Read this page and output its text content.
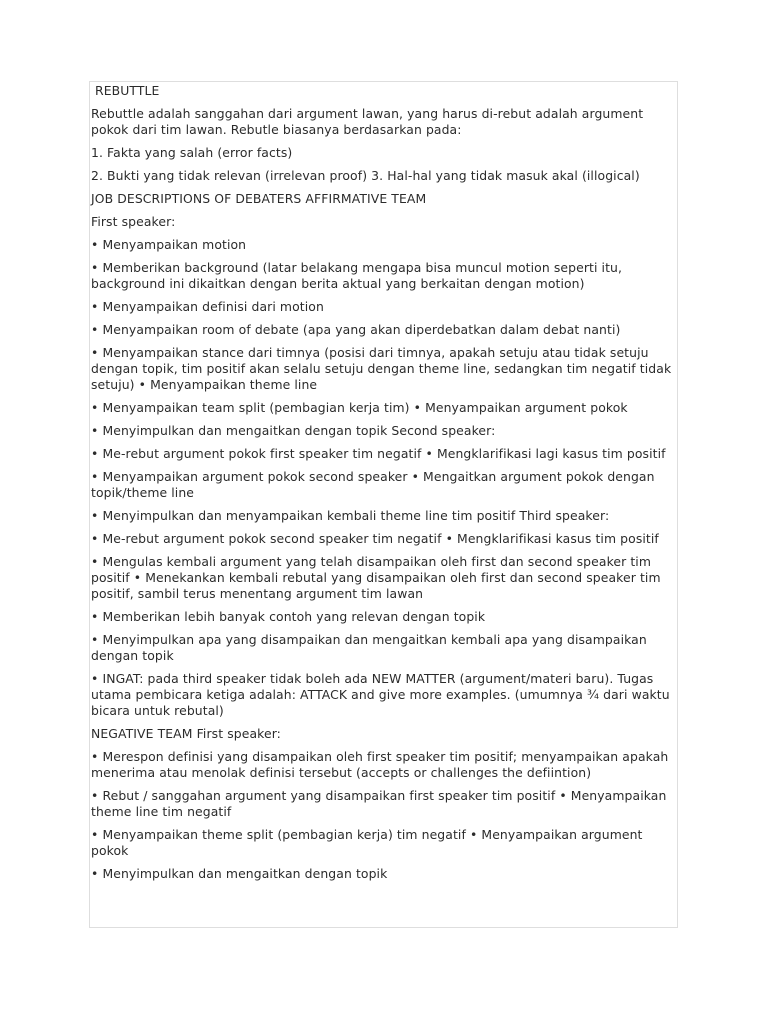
REBUTTLE
Rebuttle adalah sanggahan dari argument lawan, yang harus di-rebut adalah argument pokok dari tim lawan. Rebutle biasanya berdasarkan pada:
1. Fakta yang salah (error facts)
2. Bukti yang tidak relevan (irrelevan proof) 3. Hal-hal yang tidak masuk akal (illogical)
JOB DESCRIPTIONS OF DEBATERS AFFIRMATIVE TEAM
First speaker:
• Menyampaikan motion
• Memberikan background (latar belakang mengapa bisa muncul motion seperti itu, background ini dikaitkan dengan berita aktual yang berkaitan dengan motion)
• Menyampaikan definisi dari motion
• Menyampaikan room of debate (apa yang akan diperdebatkan dalam debat nanti)
• Menyampaikan stance dari timnya (posisi dari timnya, apakah setuju atau tidak setuju dengan topik, tim positif akan selalu setuju dengan theme line, sedangkan tim negatif tidak setuju) • Menyampaikan theme line
• Menyampaikan team split (pembagian kerja tim) • Menyampaikan argument pokok
• Menyimpulkan dan mengaitkan dengan topik Second speaker:
• Me-rebut argument pokok first speaker tim negatif • Mengklarifikasi lagi kasus tim positif
• Menyampaikan argument pokok second speaker • Mengaitkan argument pokok dengan topik/theme line
• Menyimpulkan dan menyampaikan kembali theme line tim positif Third speaker:
• Me-rebut argument pokok second speaker tim negatif • Mengklarifikasi kasus tim positif
• Mengulas kembali argument yang telah disampaikan oleh first dan second speaker tim positif • Menekankan kembali rebutal yang disampaikan oleh first dan second speaker tim positif, sambil terus menentang argument tim lawan
• Memberikan lebih banyak contoh yang relevan dengan topik
• Menyimpulkan apa yang disampaikan dan mengaitkan kembali apa yang disampaikan dengan topik
• INGAT: pada third speaker tidak boleh ada NEW MATTER (argument/materi baru). Tugas utama pembicara ketiga adalah: ATTACK and give more examples. (umumnya ¾ dari waktu bicara untuk rebutal)
NEGATIVE TEAM First speaker:
• Merespon definisi yang disampaikan oleh first speaker tim positif; menyampaikan apakah menerima atau menolak definisi tersebut (accepts or challenges the defiintion)
• Rebut / sanggahan argument yang disampaikan first speaker tim positif • Menyampaikan theme line tim negatif
• Menyampaikan theme split (pembagian kerja) tim negatif • Menyampaikan argument pokok
• Menyimpulkan dan mengaitkan dengan topik
